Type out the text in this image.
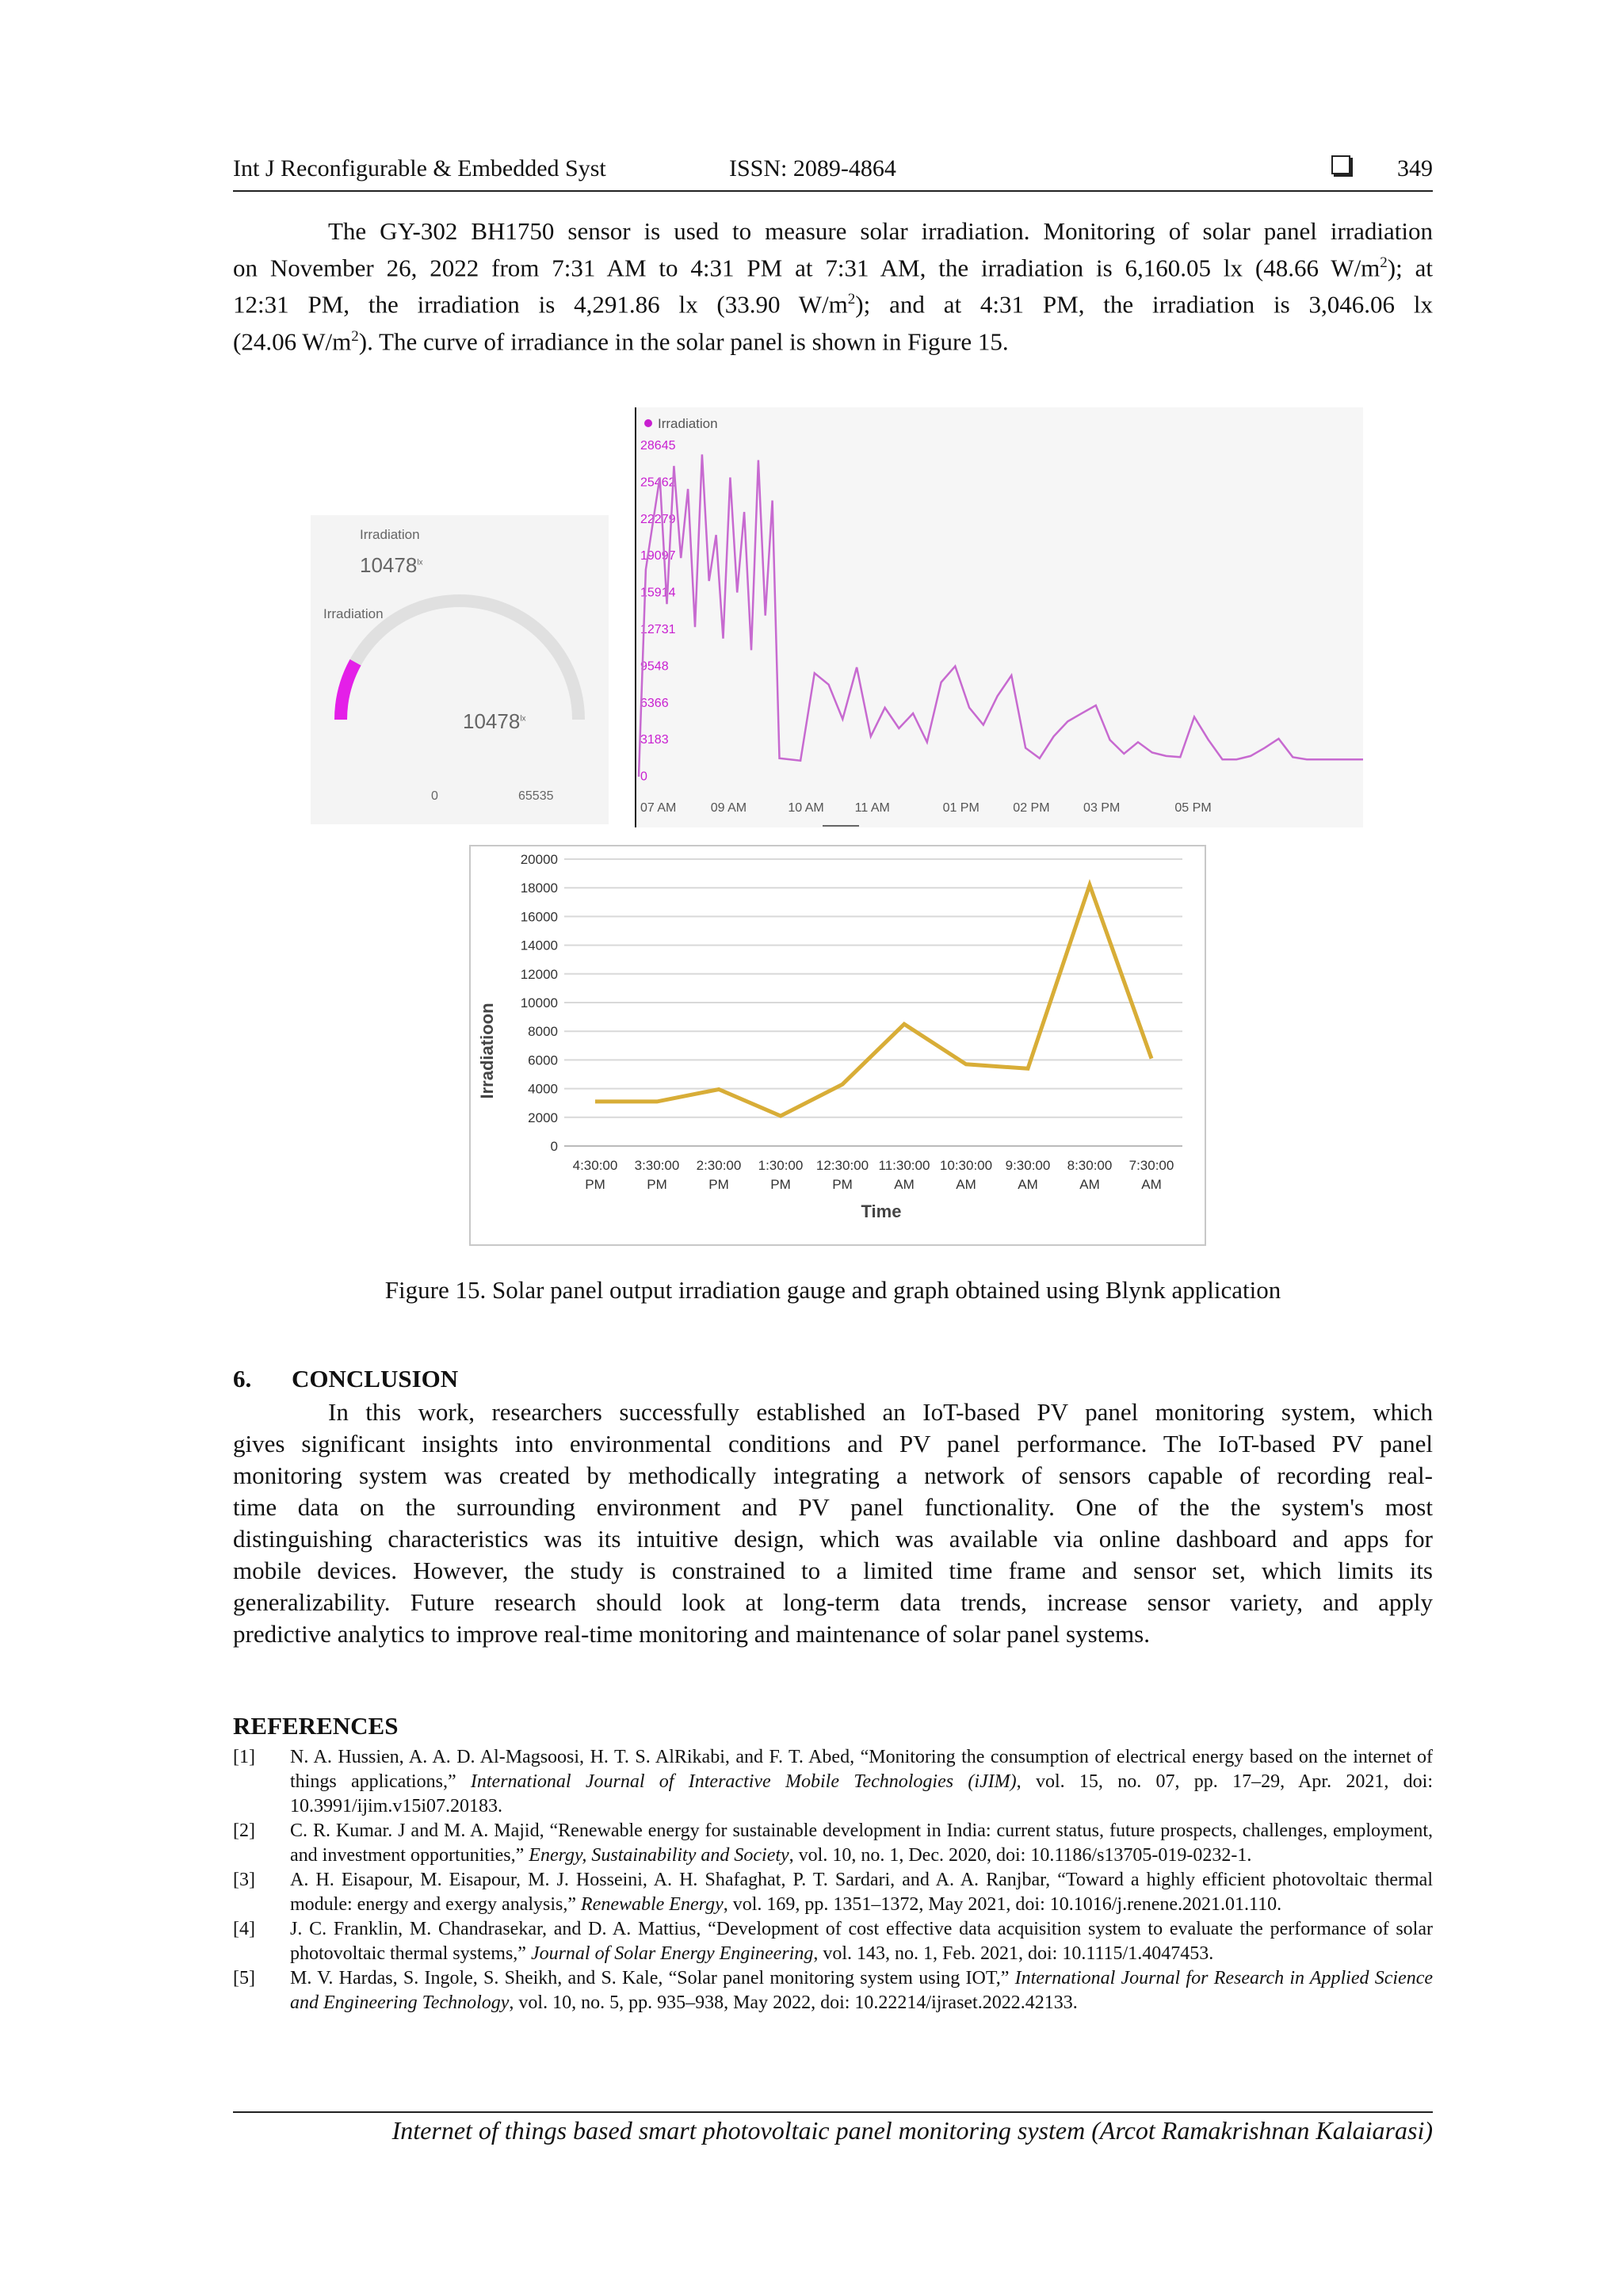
Int J Reconfigurable & Embedded Syst	ISSN: 2089-4864	349
The GY-302 BH1750 sensor is used to measure solar irradiation. Monitoring of solar panel irradiation
on November 26, 2022 from 7:31 AM to 4:31 PM at 7:31 AM, the irradiation is 6,160.05 lx (48.66 $W/m^2$); at
12:31 PM, the irradiation is 4,291.86 lx (33.90 $W/m^2$); and at 4:31 PM, the irradiation is 3,046.06 lx
(24.06 $W/m^2$). The curve of irradiance in the solar panel is shown in Figure 15.
Irradiation
$10478^{lx}$
Irradiation
$10478^{lx}$
0	65535
Irradiation
28645
25462
22279
19097
15914
12731
9548
6366
3183
0
07 AM	09 AM	10 AM 11 AM	01 PM	02 PM	03 PM	05 PM
20000
18000
16000
14000
12000
10000
8000
6000
4000
2000
0
4:30:00
PM
3:30:00
PM
2:30:00
PM
1:30:00
PM
12:30:00
PM
11:30:00
AM
10:30:00
AM
9:30:00
AM
8:30:00
AM
7:30:00
AM
Irradiatioon
Time
Figure 15. Solar panel output irradiation gauge and graph obtained using Blynk application
6. CONCLUSION
In this work, researchers successfully established an IoT-based PV panel monitoring system, which
gives significant insights into environmental conditions and PV panel performance. The IoT-based PV panel
monitoring system was created by methodically integrating a network of sensors capable of recording real-
time data on the surrounding environment and PV panel functionality. One of the the system's most
distinguishing characteristics was its intuitive design, which was available via online dashboard and apps for
mobile devices. However, the study is constrained to a limited time frame and sensor set, which limits its
generalizability. Future research should look at long-term data trends, increase sensor variety, and apply
predictive analytics to improve real-time monitoring and maintenance of solar panel systems.
REFERENCES
[1] N. A. Hussien, A. A. D. Al-Magsoosi, H. T. S. AlRikabi, and F. T. Abed, “Monitoring the consumption of electrical energy based on the internet of things applications,” International Journal of Interactive Mobile Technologies (iJIM), vol. 15, no. 07, pp. 17–29, Apr. 2021, doi: 10.3991/ijim.v15i07.20183.
[2] C. R. Kumar. J and M. A. Majid, “Renewable energy for sustainable development in India: current status, future prospects, challenges, employment, and investment opportunities,” Energy, Sustainability and Society, vol. 10, no. 1, Dec. 2020, doi: 10.1186/s13705-019-0232-1.
[3] A. H. Eisapour, M. Eisapour, M. J. Hosseini, A. H. Shafaghat, P. T. Sardari, and A. A. Ranjbar, “Toward a highly efficient photovoltaic thermal module: energy and exergy analysis,” Renewable Energy, vol. 169, pp. 1351–1372, May 2021, doi: 10.1016/j.renene.2021.01.110.
[4] J. C. Franklin, M. Chandrasekar, and D. A. Mattius, “Development of cost effective data acquisition system to evaluate the performance of solar photovoltaic thermal systems,” Journal of Solar Energy Engineering, vol. 143, no. 1, Feb. 2021, doi: 10.1115/1.4047453.
[5] M. V. Hardas, S. Ingole, S. Sheikh, and S. Kale, “Solar panel monitoring system using IOT,” International Journal for Research in Applied Science and Engineering Technology, vol. 10, no. 5, pp. 935–938, May 2022, doi: 10.22214/ijraset.2022.42133.
Internet of things based smart photovoltaic panel monitoring system (Arcot Ramakrishnan Kalaiarasi)
